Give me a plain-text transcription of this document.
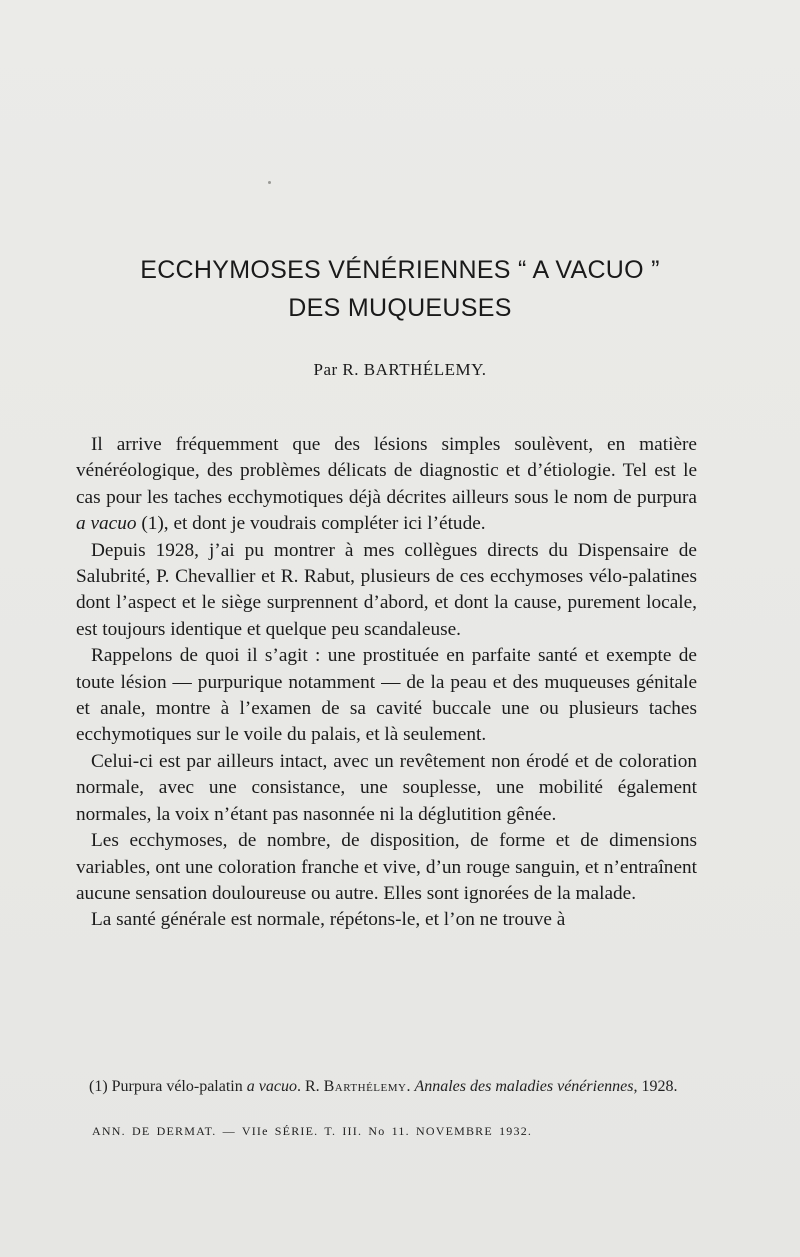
ECCHYMOSES VÉNÉRIENNES “ A VACUO ”
DES MUQUEUSES
Par R. BARTHÉLEMY.

Il arrive fréquemment que des lésions simples soulèvent, en matière vénéréologique, des problèmes délicats de diagnostic et d’étiologie. Tel est le cas pour les taches ecchymotiques déjà décrites ailleurs sous le nom de purpura a vacuo (1), et dont je voudrais compléter ici l’étude.

Depuis 1928, j’ai pu montrer à mes collègues directs du Dispensaire de Salubrité, P. Chevallier et R. Rabut, plusieurs de ces ecchymoses vélo-palatines dont l’aspect et le siège surprennent d’abord, et dont la cause, purement locale, est toujours identique et quelque peu scandaleuse.

Rappelons de quoi il s’agit : une prostituée en parfaite santé et exempte de toute lésion — purpurique notamment — de la peau et des muqueuses génitale et anale, montre à l’examen de sa cavité buccale une ou plusieurs taches ecchymotiques sur le voile du palais, et là seulement.

Celui-ci est par ailleurs intact, avec un revêtement non érodé et de coloration normale, avec une consistance, une souplesse, une mobilité également normales, la voix n’étant pas nasonnée ni la déglutition gênée.

Les ecchymoses, de nombre, de disposition, de forme et de dimensions variables, ont une coloration franche et vive, d’un rouge sanguin, et n’entraînent aucune sensation douloureuse ou autre. Elles sont ignorées de la malade.

La santé générale est normale, répétons-le, et l’on ne trouve à

(1) Purpura vélo-palatin a vacuo. R. Barthélemy. Annales des maladies vénériennes, 1928.
ANN. DE DERMAT. — VIIe SÉRIE. T. III. No 11. NOVEMBRE 1932.
